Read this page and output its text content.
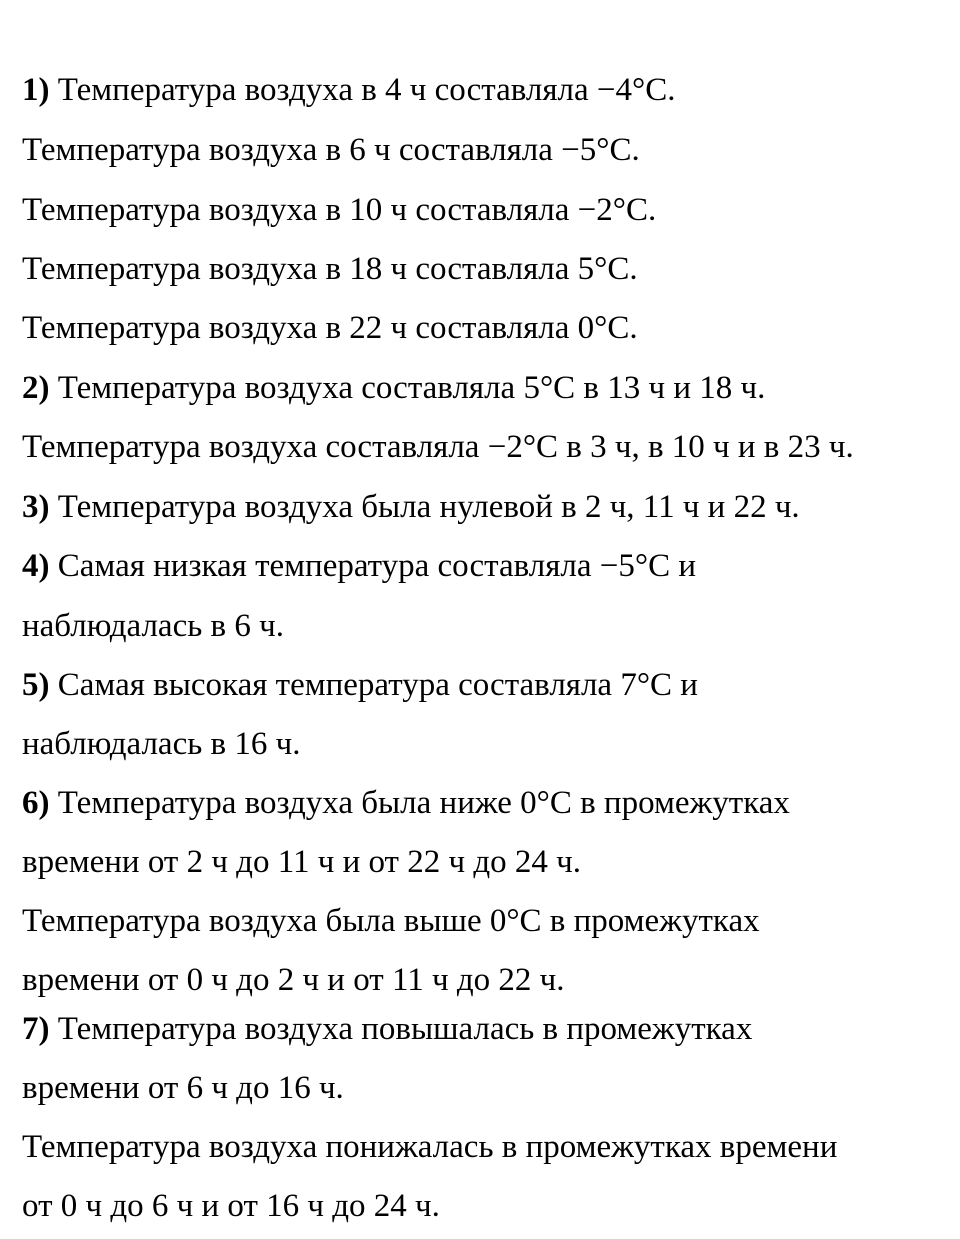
1) Температура воздуха в 4 ч составляла −4°С.
Температура воздуха в 6 ч составляла −5°С.
Температура воздуха в 10 ч составляла −2°С.
Температура воздуха в 18 ч составляла 5°С.
Температура воздуха в 22 ч составляла 0°С.
2) Температура воздуха составляла 5°С в 13 ч и 18 ч.
Температура воздуха составляла −2°С в 3 ч, в 10 ч и в 23 ч.
3) Температура воздуха была нулевой в 2 ч, 11 ч и 22 ч.
4) Самая низкая температура составляла −5°С и
наблюдалась в 6 ч.
5) Самая высокая температура составляла 7°С и
наблюдалась в 16 ч.
6) Температура воздуха была ниже 0°С в промежутках
времени от 2 ч до 11 ч и от 22 ч до 24 ч.
Температура воздуха была выше 0°С в промежутках
времени от 0 ч до 2 ч и от 11 ч до 22 ч.
7) Температура воздуха повышалась в промежутках
времени от 6 ч до 16 ч.
Температура воздуха понижалась в промежутках времени
от 0 ч до 6 ч и от 16 ч до 24 ч.
